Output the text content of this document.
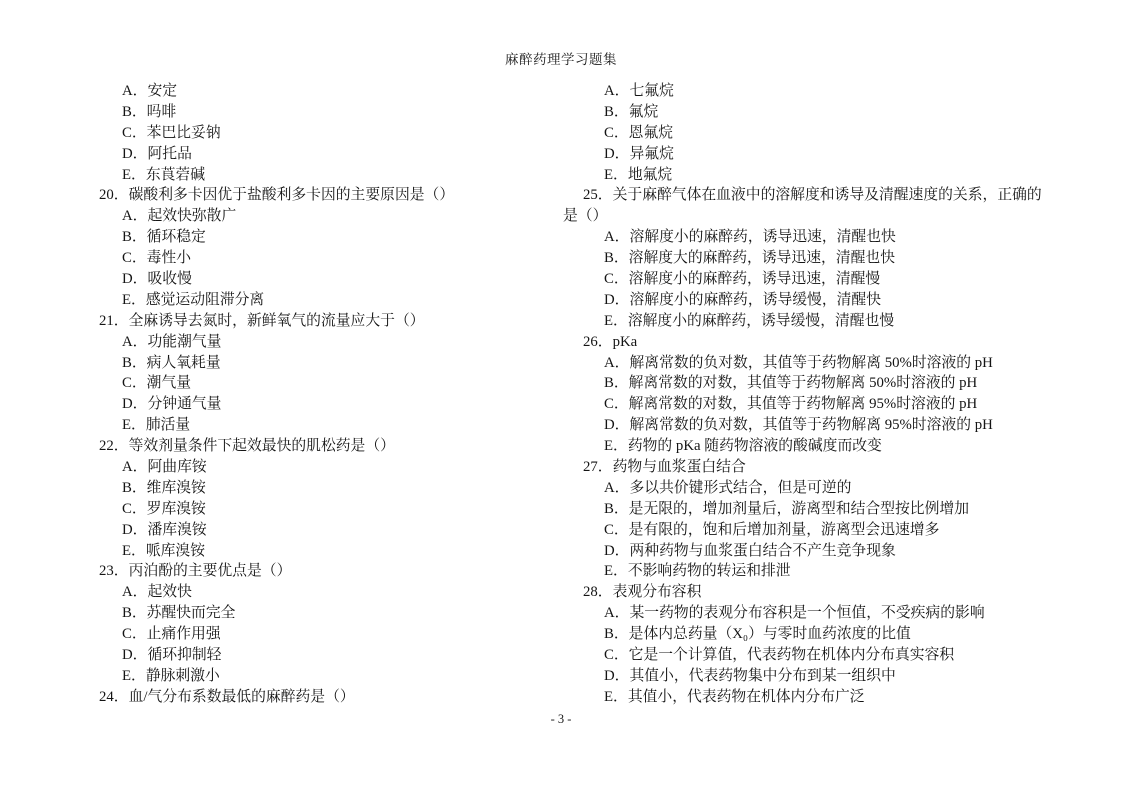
麻醉药理学习题集
A．安定
B．吗啡
C．苯巴比妥钠
D．阿托品
E．东莨菪碱
20．碳酸利多卡因优于盐酸利多卡因的主要原因是（）
A．起效快弥散广
B．循环稳定
C．毒性小
D．吸收慢
E．感觉运动阻滞分离
21．全麻诱导去氮时，新鲜氧气的流量应大于（）
A．功能潮气量
B．病人氧耗量
C．潮气量
D．分钟通气量
E．肺活量
22．等效剂量条件下起效最快的肌松药是（）
A．阿曲库铵
B．维库溴铵
C．罗库溴铵
D．潘库溴铵
E．哌库溴铵
23．丙泊酚的主要优点是（）
A．起效快
B．苏醒快而完全
C．止痛作用强
D．循环抑制轻
E．静脉刺激小
24．血/气分布系数最低的麻醉药是（）
A．七氟烷
B．氟烷
C．恩氟烷
D．异氟烷
E．地氟烷
25．关于麻醉气体在血液中的溶解度和诱导及清醒速度的关系，正确的
是（）
A．溶解度小的麻醉药，诱导迅速，清醒也快
B．溶解度大的麻醉药，诱导迅速，清醒也快
C．溶解度小的麻醉药，诱导迅速，清醒慢
D．溶解度小的麻醉药，诱导缓慢，清醒快
E．溶解度小的麻醉药，诱导缓慢，清醒也慢
26．pKa
A．解离常数的负对数，其值等于药物解离 50%时溶液的 pH
B．解离常数的对数，其值等于药物解离 50%时溶液的 pH
C．解离常数的对数，其值等于药物解离 95%时溶液的 pH
D．解离常数的负对数，其值等于药物解离 95%时溶液的 pH
E．药物的 pKa 随药物溶液的酸碱度而改变
27．药物与血浆蛋白结合
A．多以共价键形式结合，但是可逆的
B．是无限的，增加剂量后，游离型和结合型按比例增加
C．是有限的，饱和后增加剂量，游离型会迅速增多
D．两种药物与血浆蛋白结合不产生竞争现象
E．不影响药物的转运和排泄
28．表观分布容积
A．某一药物的表观分布容积是一个恒值，不受疾病的影响
B．是体内总药量（X₀）与零时血药浓度的比值
C．它是一个计算值，代表药物在机体内分布真实容积
D．其值小，代表药物集中分布到某一组织中
E．其值小，代表药物在机体内分布广泛
- 3 -
